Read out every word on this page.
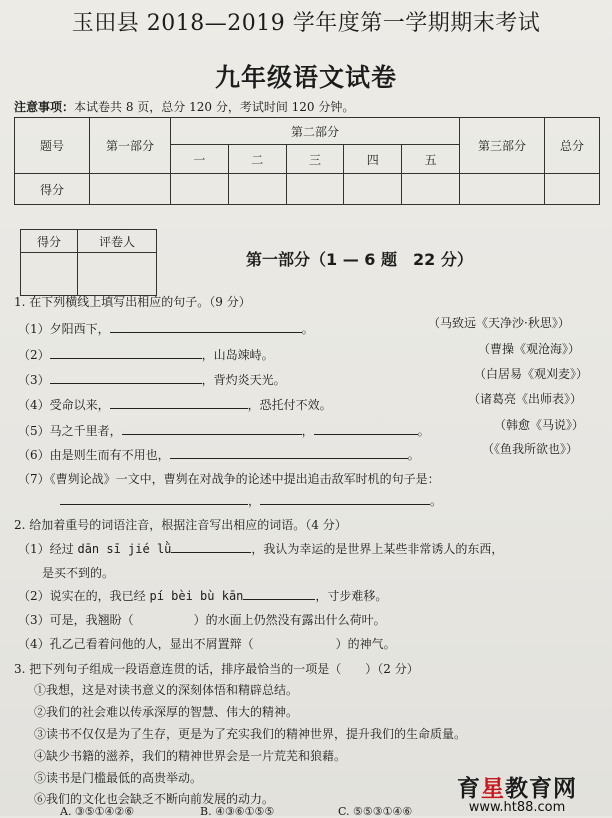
玉田县 2018—2019 学年度第一学期期末考试
九年级语文试卷
注意事项：本试卷共 8 页，总分 120 分，考试时间 120 分钟。
题号	第一部分	第二部分					第三部分	总分
		一	二	三	四	五		
得分								
得分	评卷人

第一部分（1 — 6 题　22 分）
1. 在下列横线上填写出相应的句子。（9 分）
（1）夕阳西下，	。	（马致远《天净沙·秋思》）
（2）	，山岛竦峙。	（曹操《观沧海》）
（3）	，背灼炎天光。	（白居易《观刈麦》）
（4）受命以来，	，恐托付不效。	（诸葛亮《出师表》）
（5）马之千里者，	，	。	（韩愈《马说》）
（6）由是则生而有不用也，	。	（《鱼我所欲也》）
（7）《曹刿论战》一文中，曹刿在对战争的论述中提出追击敌军时机的句子是：
，	。
2. 给加着重号的词语注音，根据注音写出相应的词语。（4 分）
（1）经过 dān sī jié lǜ	，我认为幸运的是世界上某些非常诱人的东西，
是买不到的。
（2）说实在的，我已经 pí bèi bù kān	，寸步难移。
（3）可是，我翘盼（	）的水面上仍然没有露出什么荷叶。
（4）孔乙己看着问他的人，显出不屑置辩（	）的神气。
3. 把下列句子组成一段语意连贯的话，排序最恰当的一项是（　　）（2 分）
①我想，这是对读书意义的深刻体悟和精辟总结。
②我们的社会难以传承深厚的智慧、伟大的精神。
③读书不仅仅是为了生存，更是为了充实我们的精神世界，提升我们的生命质量。
④缺少书籍的滋养，我们的精神世界会是一片荒芜和狼藉。
⑤读书是门槛最低的高贵举动。
⑥我们的文化也会缺乏不断向前发展的动力。
A. ③⑤①④②⑥	B. ④③⑥①⑤⑤	C. ⑤⑤③①④⑥
育星教育网
www.ht88.com
